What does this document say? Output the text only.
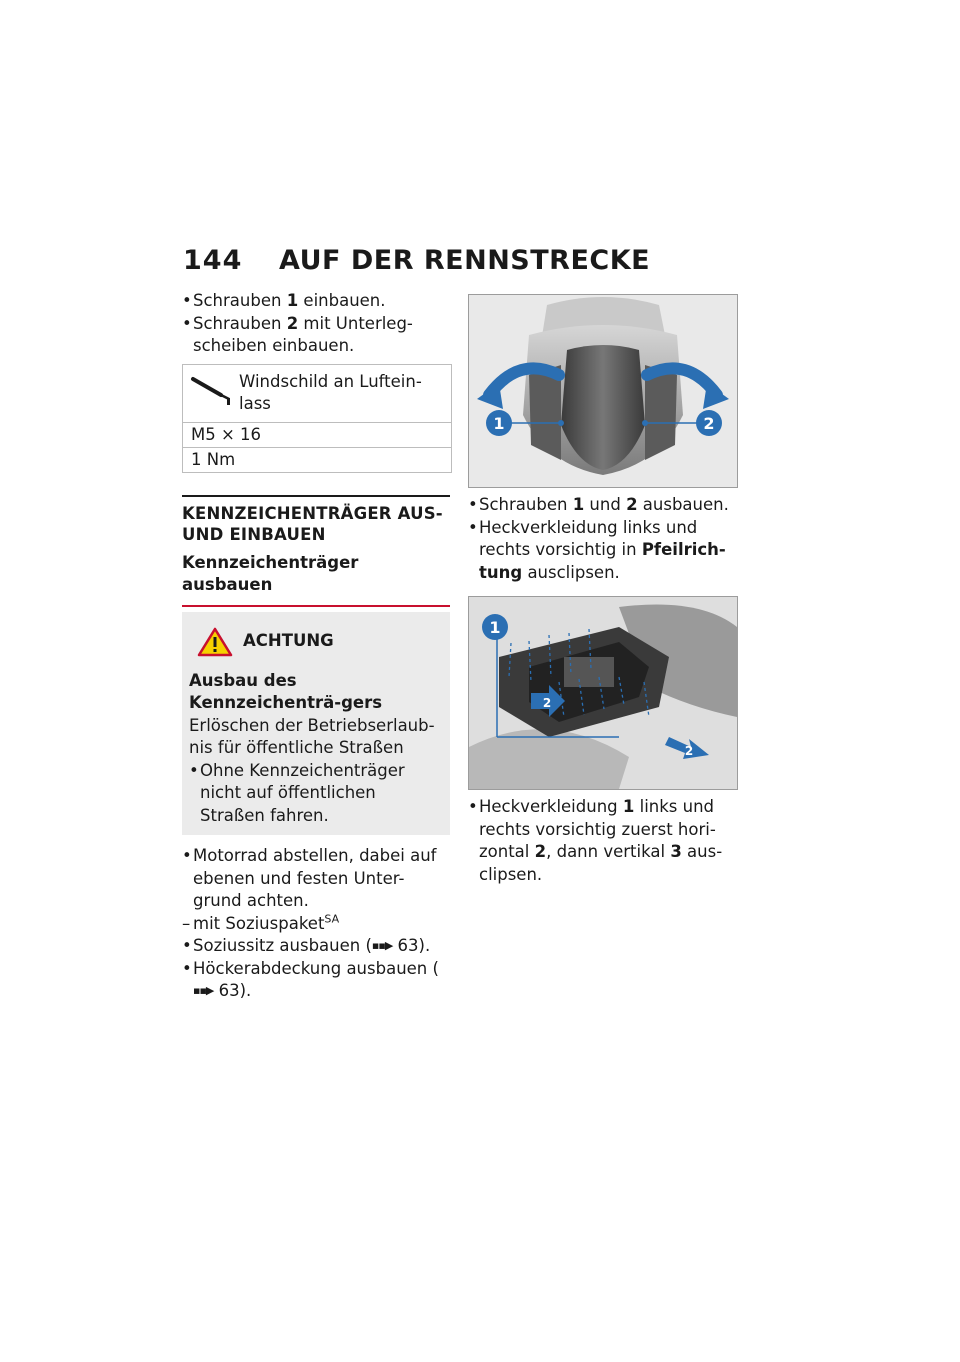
144	AUF DER RENNSTRECKE
• Schrauben 1 einbauen.
• Schrauben 2 mit Unterleg-scheiben einbauen.
Windschild an Luftein-lass
M5 × 16
1 Nm
KENNZEICHENTRÄGER AUS- UND EINBAUEN
Kennzeichenträger ausbauen
ACHTUNG
Ausbau des Kennzeichenträ-gers
Erlöschen der Betriebserlaub-nis für öffentliche Straßen
• Ohne Kennzeichenträger nicht auf öffentlichen Straßen fahren.
• Motorrad abstellen, dabei auf ebenen und festen Unter-grund achten.
– mit Soziuspaket$^{SA}$
• Soziussitz ausbauen (▪▪▶ 63).
• Höckerabdeckung ausbauen (▪▪▶ 63).
1	2
• Schrauben 1 und 2 ausbauen.
• Heckverkleidung links und rechts vorsichtig in Pfeilrich-tung ausclipsen.
1
2
2
• Heckverkleidung 1 links und rechts vorsichtig zuerst hori-zontal 2, dann vertikal 3 aus-clipsen.
